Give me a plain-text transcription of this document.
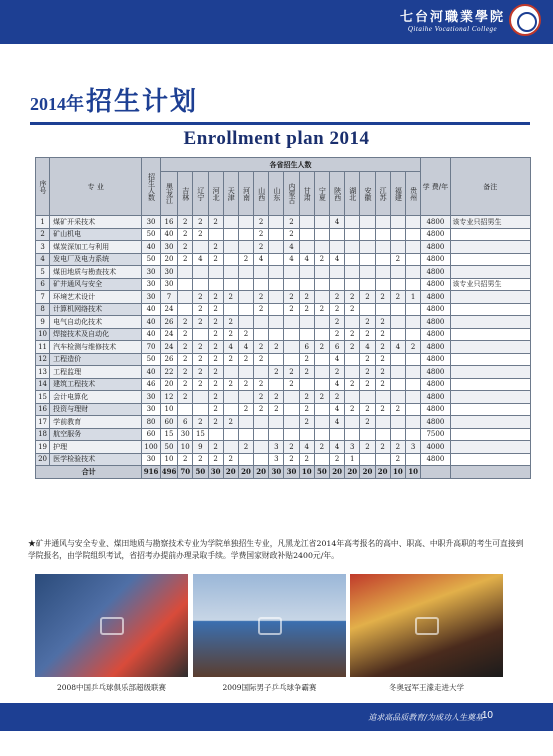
七台河職業學院
Qitaihe Vocational College
2014年 招生计划
Enrollment plan 2014
序号	专 业	招生人数	各省招生人数																	学 费/年	备注
			黑龙江	吉林	辽宁	河北	天津	河南	山西	山东	内蒙古	甘肃	宁夏	陕西	湖北	安徽	江苏	福建	贵州		
1	煤矿开采技术	30	16	2	2	2			2		2			4						4800	该专业只招男生
2	矿山机电	50	40	2	2				2		2									4800	
3	煤炭深加工与利用	40	30	2		2			2		4									4800	
4	发电厂及电力系统	50	20	2	4	2		2	4		4	4	2	4				2		4800	
5	煤田地质与勘查技术	30	30																	4800	
6	矿井通风与安全	30	30																	4800	该专业只招男生
7	环境艺术设计	30	7		2	2	2		2		2	2		2	2	2	2	2	1	4800	
8	计算机网络技术	40	24		2	2			2		2	2	2	2	2					4800	
9	电气自动化技术	40	26	2	2	2	2							2		2	2			4800	
10	焊接技术及自动化	40	24	2		2	2	2						2	2	2	2			4800	
11	汽车检测与维修技术	70	24	2	2	2	4	4	2	2		6	2	6	2	4	2	4	2	4800	
12	工程造价	50	26	2	2	2	2	2	2			2		4		2	2			4800	
13	工程监理	40	22	2	2	2				2	2	2		2		2	2			4800	
14	建筑工程技术	46	20	2	2	2	2	2	2		2			4	2	2	2			4800	
15	会计电算化	30	12	2		2			2	2		2	2	2						4800	
16	投资与理财	30	10			2		2	2	2		2		4	2	2	2	2		4800	
17	学前教育	80	60	6	2	2	2					2		4		2				4800	
18	航空服务	60	15	30	15															7500	
19	护理	100	50	10	9	2		2		3	2	4	2	4	3	2	2	2	3	4000	
20	医学检验技术	30	10	2	2	2	2			3	2	2		2	1			2		4800	
合计		916	496	70	50	30	20	20	20	30	30	10	50	20	20	20	20	10	10		
★矿井通风与安全专业、煤田地质与勘察技术专业为学院单独招生专业，凡黑龙江省2014年高考报名的高中、职高、中职升高职的考生可直接到学院报名，由学院组织考试，省招考办提前办理录取手续。学费国家财政补贴2400元/年。
2008中国乒乓球俱乐部超级联赛	2009国际男子乒乓球争霸赛	冬奥冠军王濛走进大学
追求高品质教育/为成功人生奠基
10
